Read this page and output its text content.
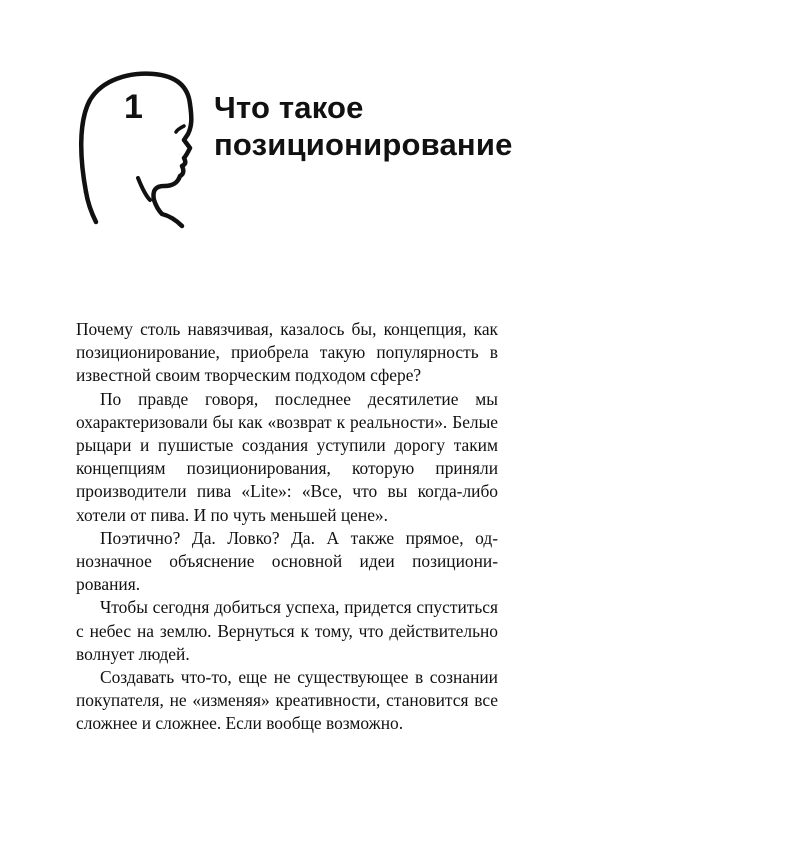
1 Что такое
позиционирование

Почему столь навязчивая, казалось бы, концепция, как позиционирование, приобрела такую популярность в известной своим творческим подходом сфере?

По правде говоря, последнее десятилетие мы охарактеризовали бы как «возврат к реальности». Белые рыцари и пушистые создания уступили дорогу таким концепциям позиционирования, которую приняли производители пива «Lite»: «Все, что вы когда-либо хотели от пива. И по чуть меньшей цене».

Поэтично? Да. Ловко? Да. А также прямое, однозначное объяснение основной идеи позиционирования.

Чтобы сегодня добиться успеха, придется спуститься с небес на землю. Вернуться к тому, что действительно волнует людей.

Создавать что-то, еще не существующее в сознании покупателя, не «изменяя» креативности, становится все сложнее и сложнее. Если вообще возможно.
